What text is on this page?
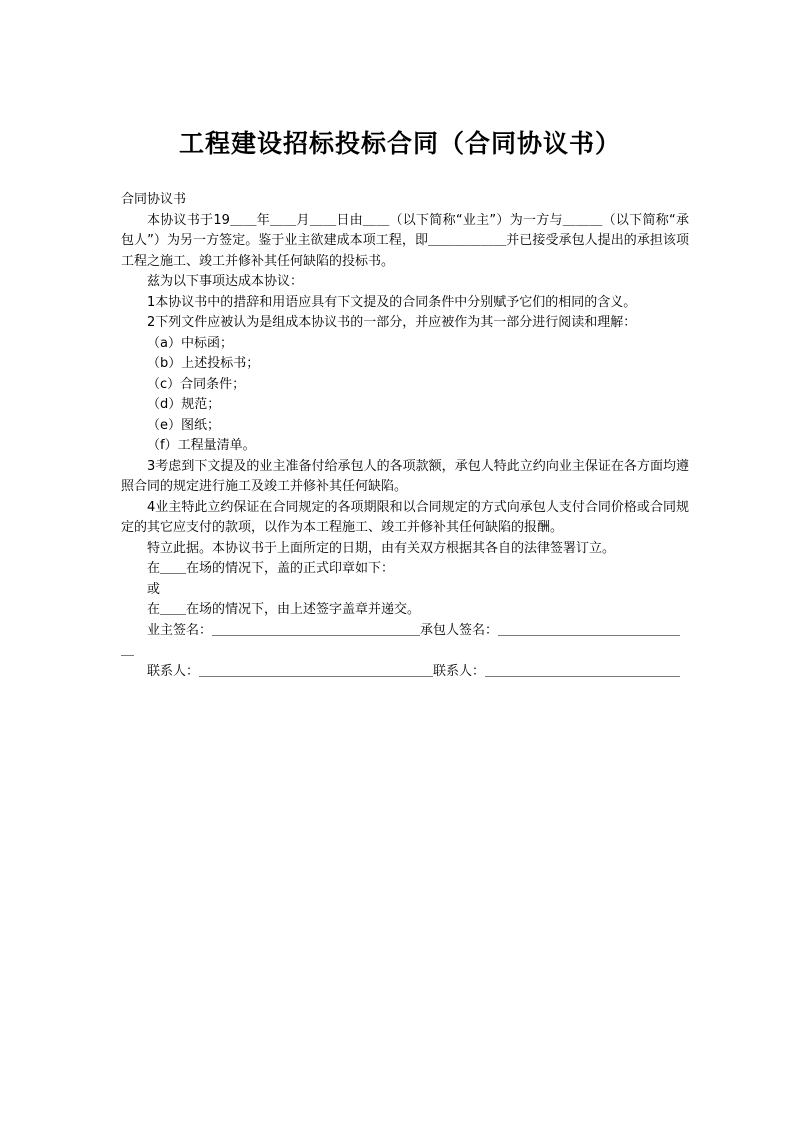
工程建设招标投标合同（合同协议书）

合同协议书

本协议书于19＿＿年＿＿月＿＿日由＿＿（以下简称“业主”）为一方与＿＿＿（以下简称“承包人”）为另一方签定。鉴于业主欲建成本项工程，即＿＿＿＿＿＿并已接受承包人提出的承担该项工程之施工、竣工并修补其任何缺陷的投标书。

兹为以下事项达成本协议：

1本协议书中的措辞和用语应具有下文提及的合同条件中分别赋予它们的相同的含义。

2下列文件应被认为是组成本协议书的一部分，并应被作为其一部分进行阅读和理解：

（a）中标函；

（b）上述投标书；

（c）合同条件；

（d）规范；

（e）图纸；

（f）工程量清单。

3考虑到下文提及的业主准备付给承包人的各项款额，承包人特此立约向业主保证在各方面均遵照合同的规定进行施工及竣工并修补其任何缺陷。

4业主特此立约保证在合同规定的各项期限和以合同规定的方式向承包人支付合同价格或合同规定的其它应支付的款项，以作为本工程施工、竣工并修补其任何缺陷的报酬。

特立此据。本协议书于上面所定的日期，由有关双方根据其各自的法律签署订立。

在＿＿在场的情况下，盖的正式印章如下：

或

在＿＿在场的情况下，由上述签字盖章并递交。

业主签名：＿＿＿＿＿＿＿＿＿＿＿＿＿＿＿＿承包人签名：＿＿＿＿＿＿＿＿＿＿＿＿＿＿＿

联系人：＿＿＿＿＿＿＿＿＿＿＿＿＿＿＿＿＿＿联系人：＿＿＿＿＿＿＿＿＿＿＿＿＿＿＿
